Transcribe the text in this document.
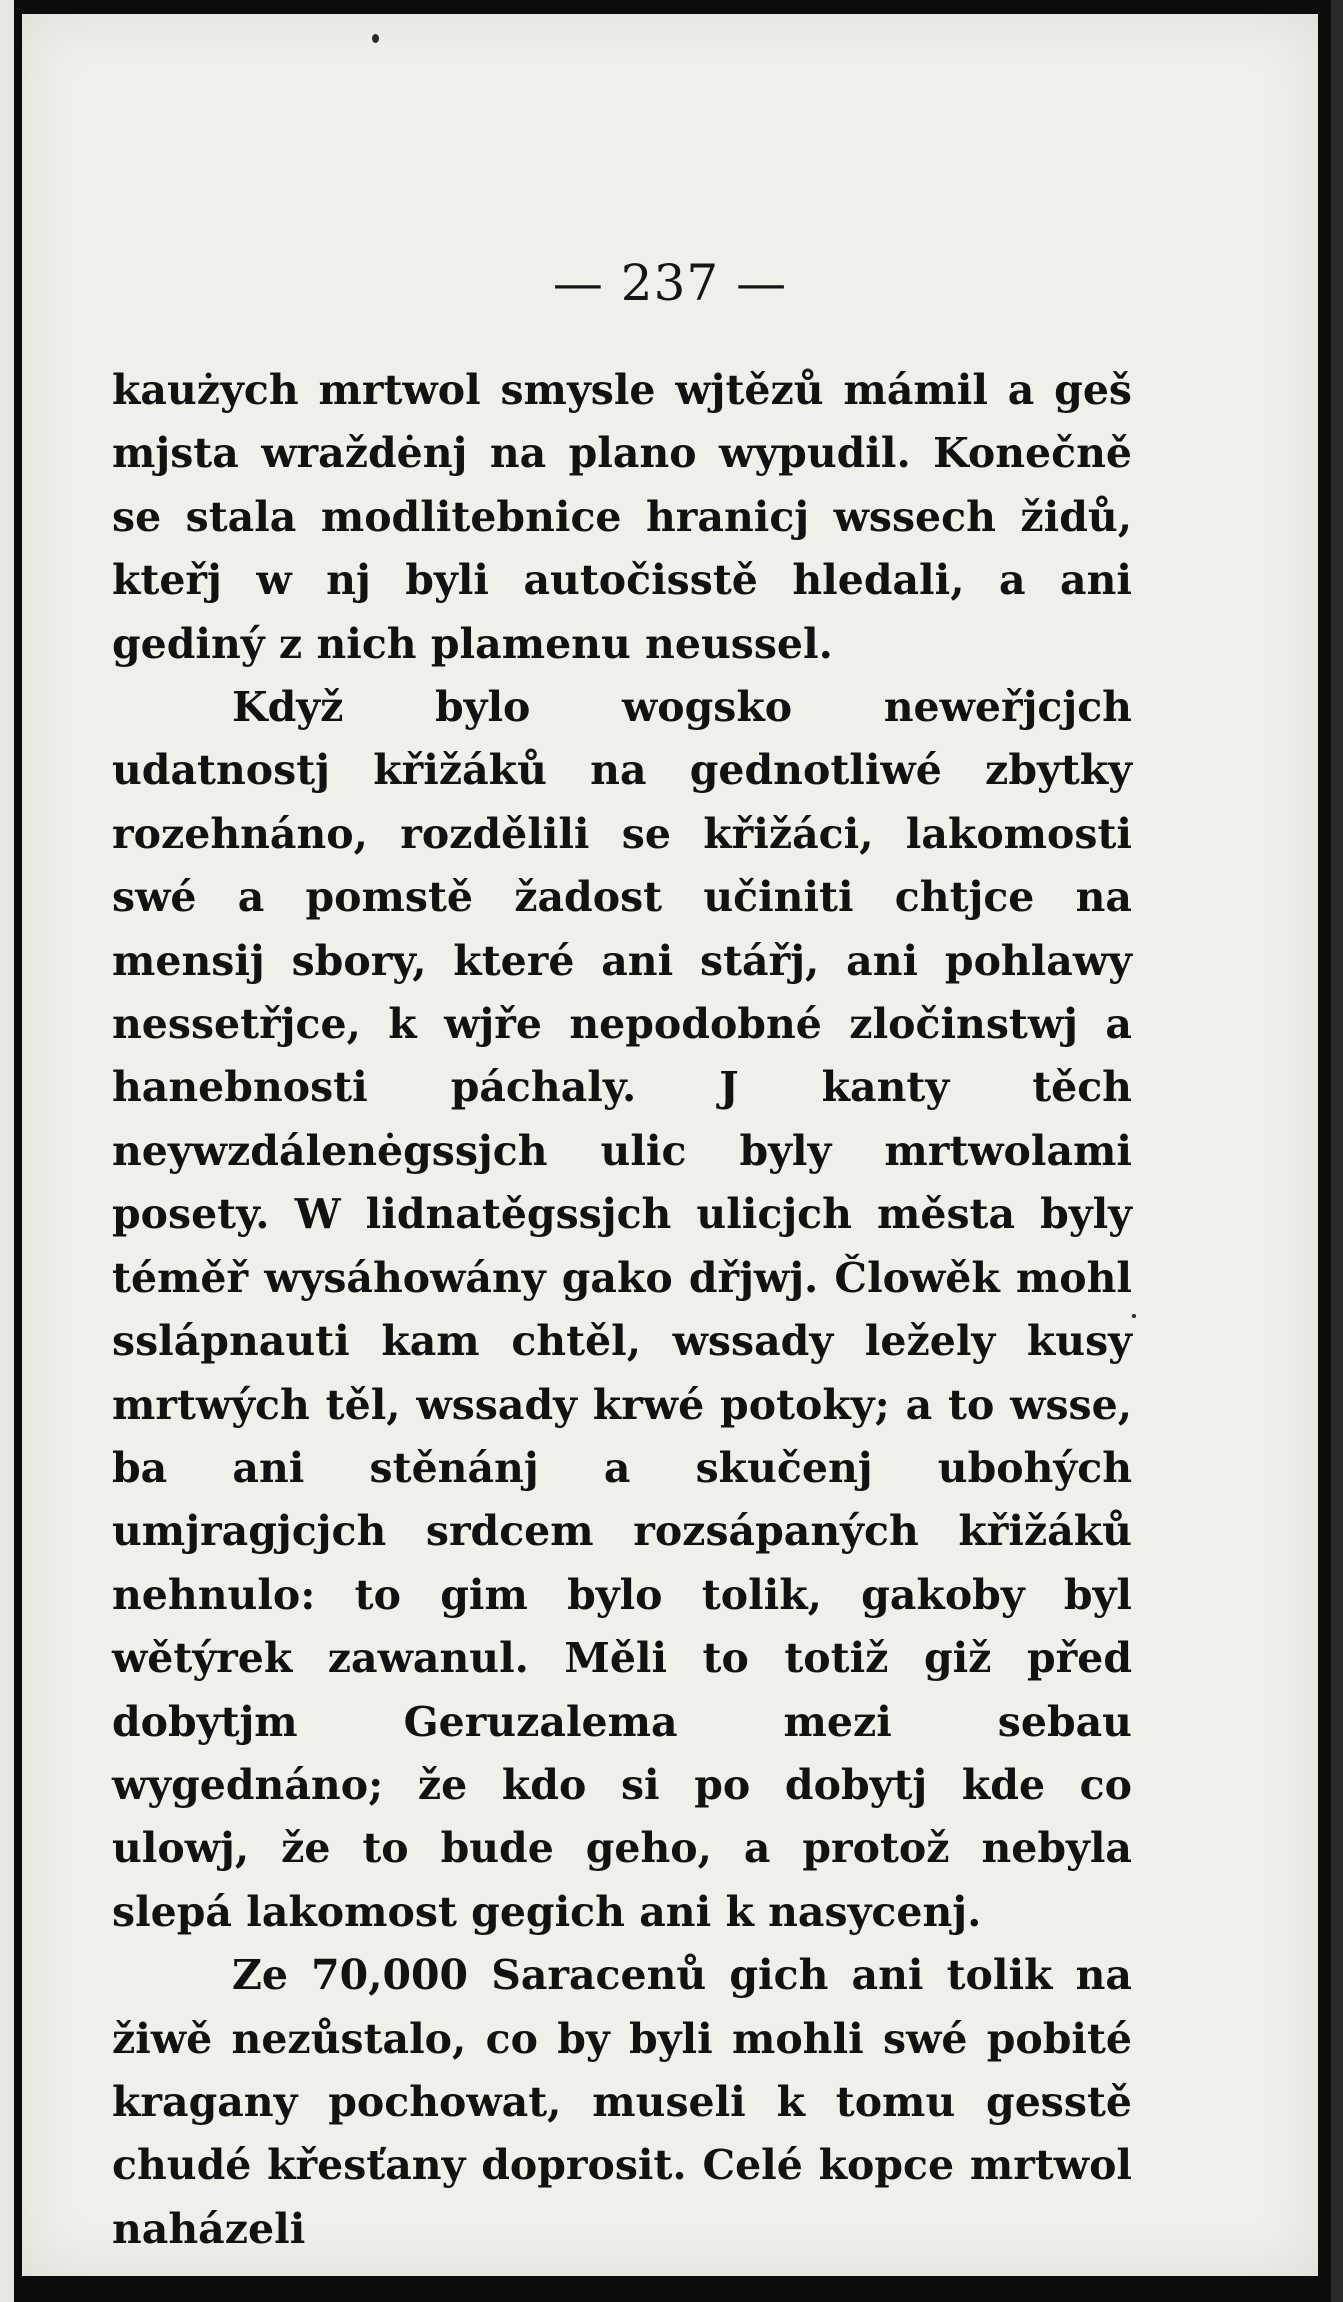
— 237 —

kaużych mrtwol smysle wjtězů mámil a geš mjsta wraždėnj na plano wypudil. Konečně se stala modlitebnice hranicj wssech židů, kteřj w nj byli autočisstě hledali, a ani gediný z nich plamenu neussel.

Když bylo wogsko neweřjcjch udatnostj křižáků na gednotliwé zbytky rozehnáno, rozdělili se křižáci, lakomosti swé a pomstě žadost učiniti chtjce na mensij sbory, které ani stářj, ani pohlawy nessetřjce, k wjře nepodobné zločinstwj a hanebnosti páchaly. J kanty těch neywzdálenėgssjch ulic byly mrtwolami posety. W lidnatěgssjch ulicjch města byly téměř wysáhowány gako dřjwj. Člowěk mohl sslápnauti kam chtěl, wssady ležely kusy mrtwých těl, wssady krwé potoky; a to wsse, ba ani stěnánj a skučenj ubohých umjragjcjch srdcem rozsápaných křižáků nehnulo: to gim bylo tolik, gakoby byl wětýrek zawanul. Měli to totiž giž před dobytjm Geruzalema mezi sebau wygednáno; že kdo si po dobytj kde co ulowj, že to bude geho, a protož nebyla slepá lakomost gegich ani k nasycenj.

Ze 70,000 Saracenů gich ani tolik na žiwě nezůstalo, co by byli mohli swé pobité kragany pochowat, museli k tomu gesstě chudé křesťany doprosit. Celé kopce mrtwol naházeli
